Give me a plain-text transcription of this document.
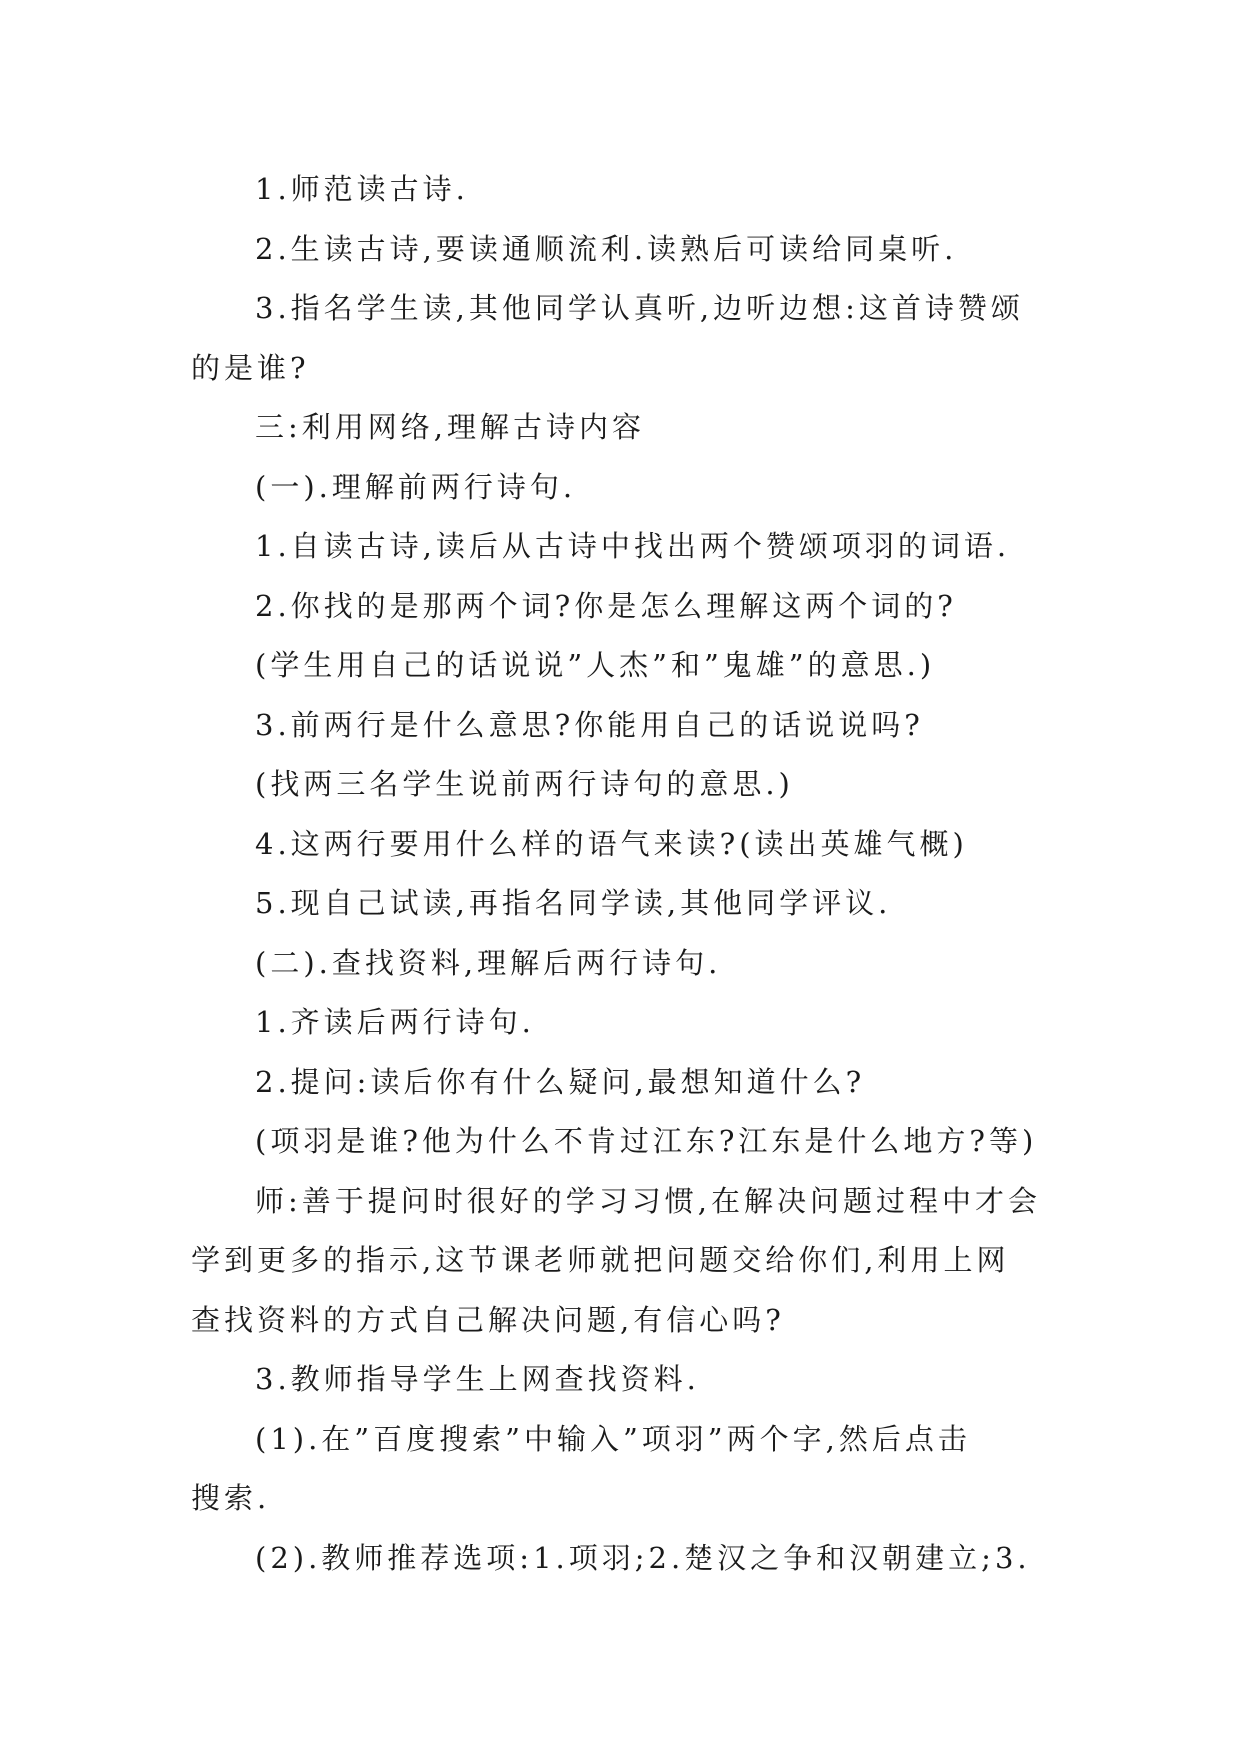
1.师范读古诗.
2.生读古诗,要读通顺流利.读熟后可读给同桌听.
3.指名学生读,其他同学认真听,边听边想:这首诗赞颂
的是谁?
三:利用网络,理解古诗内容
(一).理解前两行诗句.
1.自读古诗,读后从古诗中找出两个赞颂项羽的词语.
2.你找的是那两个词?你是怎么理解这两个词的?
(学生用自己的话说说”人杰”和”鬼雄”的意思.)
3.前两行是什么意思?你能用自己的话说说吗?
(找两三名学生说前两行诗句的意思.)
4.这两行要用什么样的语气来读?(读出英雄气概)
5.现自己试读,再指名同学读,其他同学评议.
(二).查找资料,理解后两行诗句.
1.齐读后两行诗句.
2.提问:读后你有什么疑问,最想知道什么?
(项羽是谁?他为什么不肯过江东?江东是什么地方?等)
师:善于提问时很好的学习习惯,在解决问题过程中才会
学到更多的指示,这节课老师就把问题交给你们,利用上网
查找资料的方式自己解决问题,有信心吗?
3.教师指导学生上网查找资料.
(1).在”百度搜索”中输入”项羽”两个字,然后点击
搜索.
(2).教师推荐选项:1.项羽;2.楚汉之争和汉朝建立;3.
